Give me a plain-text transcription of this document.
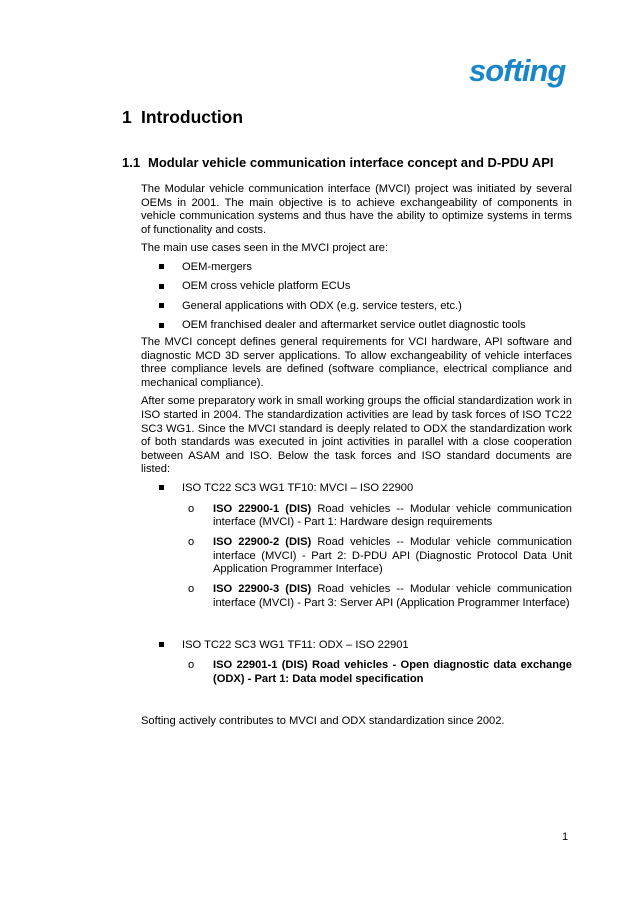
softing
1 Introduction
1.1 Modular vehicle communication interface concept and D-PDU API

The Modular vehicle communication interface (MVCI) project was initiated by several OEMs in 2001. The main objective is to achieve exchangeability of components in vehicle communication systems and thus have the ability to optimize systems in terms of functionality and costs.

The main use cases seen in the MVCI project are:

OEM-mergers
OEM cross vehicle platform ECUs
General applications with ODX (e.g. service testers, etc.)
OEM franchised dealer and aftermarket service outlet diagnostic tools

The MVCI concept defines general requirements for VCI hardware, API software and diagnostic MCD 3D server applications. To allow exchangeability of vehicle interfaces three compliance levels are defined (software compliance, electrical compliance and mechanical compliance).

After some preparatory work in small working groups the official standardization work in ISO started in 2004. The standardization activities are lead by task forces of ISO TC22 SC3 WG1. Since the MVCI standard is deeply related to ODX the standardization work of both standards was executed in joint activities in parallel with a close cooperation between ASAM and ISO. Below the task forces and ISO standard documents are listed:

ISO TC22 SC3 WG1 TF10: MVCI – ISO 22900
o ISO 22900-1 (DIS) Road vehicles -- Modular vehicle communication interface (MVCI) - Part 1: Hardware design requirements
o ISO 22900-2 (DIS) Road vehicles -- Modular vehicle communication interface (MVCI) - Part 2: D-PDU API (Diagnostic Protocol Data Unit Application Programmer Interface)
o ISO 22900-3 (DIS) Road vehicles -- Modular vehicle communication interface (MVCI) - Part 3: Server API (Application Programmer Interface)
ISO TC22 SC3 WG1 TF11: ODX – ISO 22901
o ISO 22901-1 (DIS) Road vehicles - Open diagnostic data exchange (ODX) - Part 1: Data model specification

Softing actively contributes to MVCI and ODX standardization since 2002.

1
